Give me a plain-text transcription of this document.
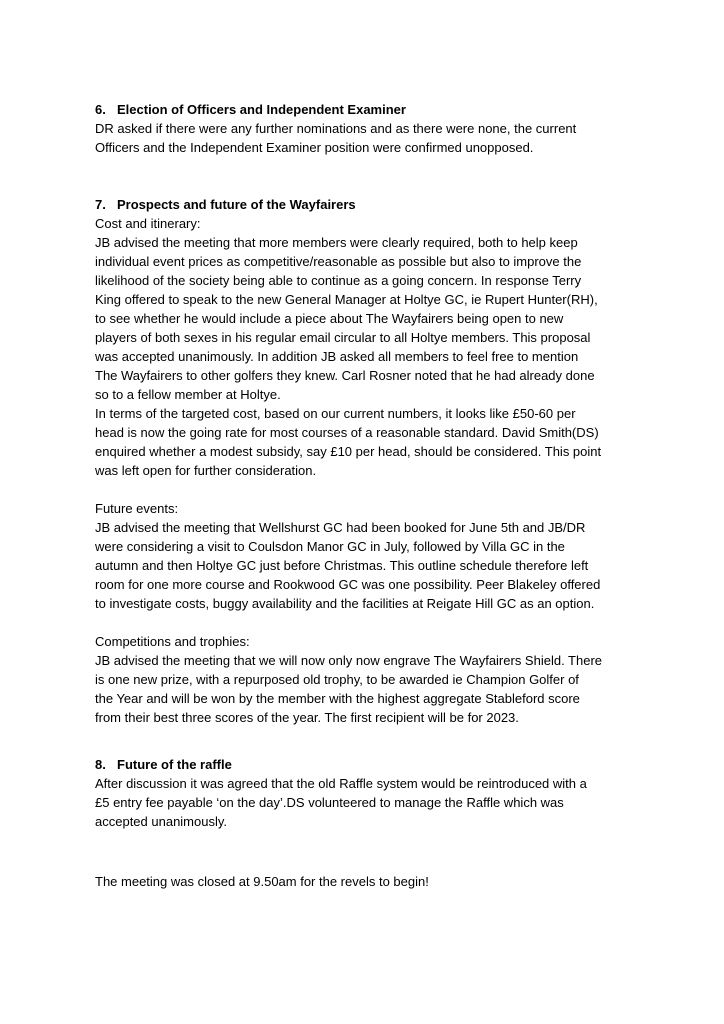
6. Election of Officers and Independent Examiner
DR asked if there were any further nominations and as there were none, the current
Officers and the Independent Examiner position were confirmed unopposed.
7. Prospects and future of the Wayfairers
Cost and itinerary:
JB advised the meeting that more members were clearly required, both to help keep
individual event prices as competitive/reasonable as possible but also to improve the
likelihood of the society being able to continue as a going concern. In response Terry
King offered to speak to the new General Manager at Holtye GC, ie Rupert Hunter(RH),
to see whether he would include a piece about The Wayfairers being open to new
players of both sexes in his regular email circular to all Holtye members. This proposal
was accepted unanimously. In addition JB asked all members to feel free to mention
The Wayfairers to other golfers they knew. Carl Rosner noted that he had already done
so to a fellow member at Holtye.
In terms of the targeted cost, based on our current numbers, it looks like £50-60 per
head is now the going rate for most courses of a reasonable standard. David Smith(DS)
enquired whether a modest subsidy, say £10 per head, should be considered. This point
was left open for further consideration.
Future events:
JB advised the meeting that Wellshurst GC had been booked for June 5th and JB/DR
were considering a visit to Coulsdon Manor GC in July, followed by Villa GC in the
autumn and then Holtye GC just before Christmas. This outline schedule therefore left
room for one more course and Rookwood GC was one possibility. Peer Blakeley offered
to investigate costs, buggy availability and the facilities at Reigate Hill GC as an option.
Competitions and trophies:
JB advised the meeting that we will now only now engrave The Wayfairers Shield. There
is one new prize, with a repurposed old trophy, to be awarded ie Champion Golfer of
the Year and will be won by the member with the highest aggregate Stableford score
from their best three scores of the year. The first recipient will be for 2023.
8. Future of the raffle
After discussion it was agreed that the old Raffle system would be reintroduced with a
£5 entry fee payable ‘on the day’.DS volunteered to manage the Raffle which was
accepted unanimously.
The meeting was closed at 9.50am for the revels to begin!
